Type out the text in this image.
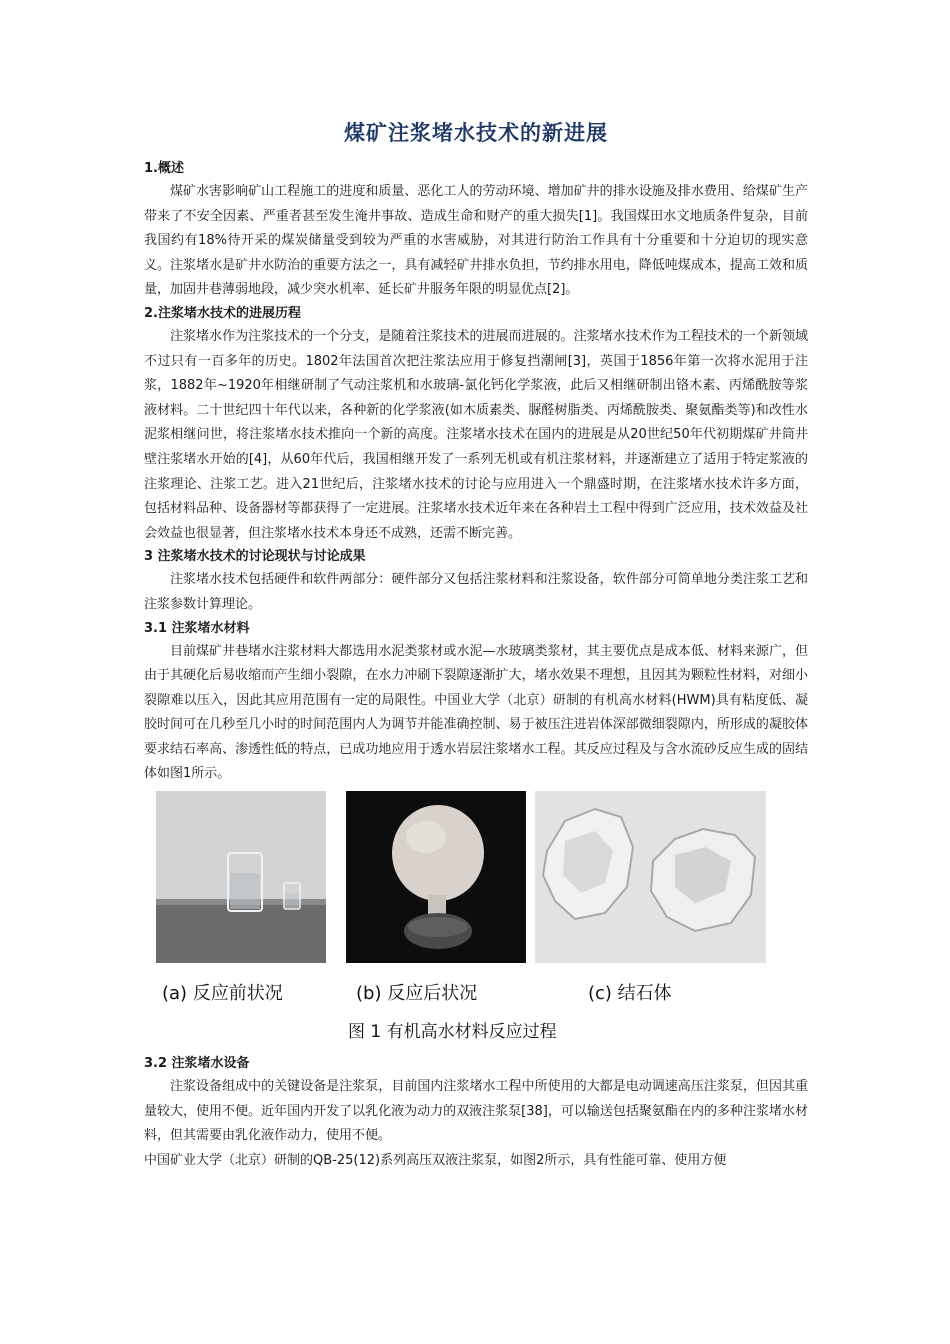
煤矿注浆堵水技术的新进展
1.概述

煤矿水害影响矿山工程施工的进度和质量、恶化工人的劳动环境、增加矿井的排水设施及排水费用、给煤矿生产带来了不安全因素、严重者甚至发生淹井事故、造成生命和财产的重大损失[1]。我国煤田水文地质条件复杂，目前我国约有18%待开采的煤炭储量受到较为严重的水害威胁，对其进行防治工作具有十分重要和十分迫切的现实意义。注浆堵水是矿井水防治的重要方法之一，具有减轻矿井排水负担，节约排水用电，降低吨煤成本，提高工效和质量，加固井巷薄弱地段，减少突水机率、延长矿井服务年限的明显优点[2]。

2.注浆堵水技术的进展历程

注浆堵水作为注浆技术的一个分支，是随着注浆技术的进展而进展的。注浆堵水技术作为工程技术的一个新领域不过只有一百多年的历史。1802年法国首次把注浆法应用于修复挡潮闸[3]，英国于1856年第一次将水泥用于注浆，1882年~1920年相继研制了气动注浆机和水玻璃-氯化钙化学浆液，此后又相继研制出铬木素、丙烯酰胺等浆液材料。二十世纪四十年代以来，各种新的化学浆液(如木质素类、脲醛树脂类、丙烯酰胺类、聚氨酯类等)和改性水泥浆相继问世，将注浆堵水技术推向一个新的高度。注浆堵水技术在国内的进展是从20世纪50年代初期煤矿井筒井壁注浆堵水开始的[4]，从60年代后，我国相继开发了一系列无机或有机注浆材料，并逐渐建立了适用于特定浆液的注浆理论、注浆工艺。进入21世纪后，注浆堵水技术的讨论与应用进入一个鼎盛时期，在注浆堵水技术许多方面，包括材料品种、设备器材等都获得了一定进展。注浆堵水技术近年来在各种岩土工程中得到广泛应用，技术效益及社会效益也很显著，但注浆堵水技术本身还不成熟，还需不断完善。

3 注浆堵水技术的讨论现状与讨论成果

注浆堵水技术包括硬件和软件两部分：硬件部分又包括注浆材料和注浆设备，软件部分可简单地分类注浆工艺和注浆参数计算理论。

3.1 注浆堵水材料

目前煤矿井巷堵水注浆材料大都选用水泥类浆材或水泥—水玻璃类浆材，其主要优点是成本低、材料来源广，但由于其硬化后易收缩而产生细小裂隙，在水力冲刷下裂隙逐渐扩大，堵水效果不理想，且因其为颗粒性材料，对细小裂隙难以压入，因此其应用范围有一定的局限性。中国业大学（北京）研制的有机高水材料(HWM)具有粘度低、凝胶时间可在几秒至几小时的时间范围内人为调节并能准确控制、易于被压注进岩体深部微细裂隙内，所形成的凝胶体要求结石率高、渗透性低的特点，已成功地应用于透水岩层注浆堵水工程。其反应过程及与含水流砂反应生成的固结体如图1所示。

(a) 反应前状况	(b) 反应后状况	(c) 结石体
图 1 有机高水材料反应过程
3.2 注浆堵水设备

注浆设备组成中的关键设备是注浆泵，目前国内注浆堵水工程中所使用的大都是电动调速高压注浆泵，但因其重量较大，使用不便。近年国内开发了以乳化液为动力的双液注浆泵[38]，可以输送包括聚氨酯在内的多种注浆堵水材料，但其需要由乳化液作动力，使用不便。

中国矿业大学（北京）研制的QB-25(12)系列高压双液注浆泵，如图2所示，具有性能可靠、使用方便
